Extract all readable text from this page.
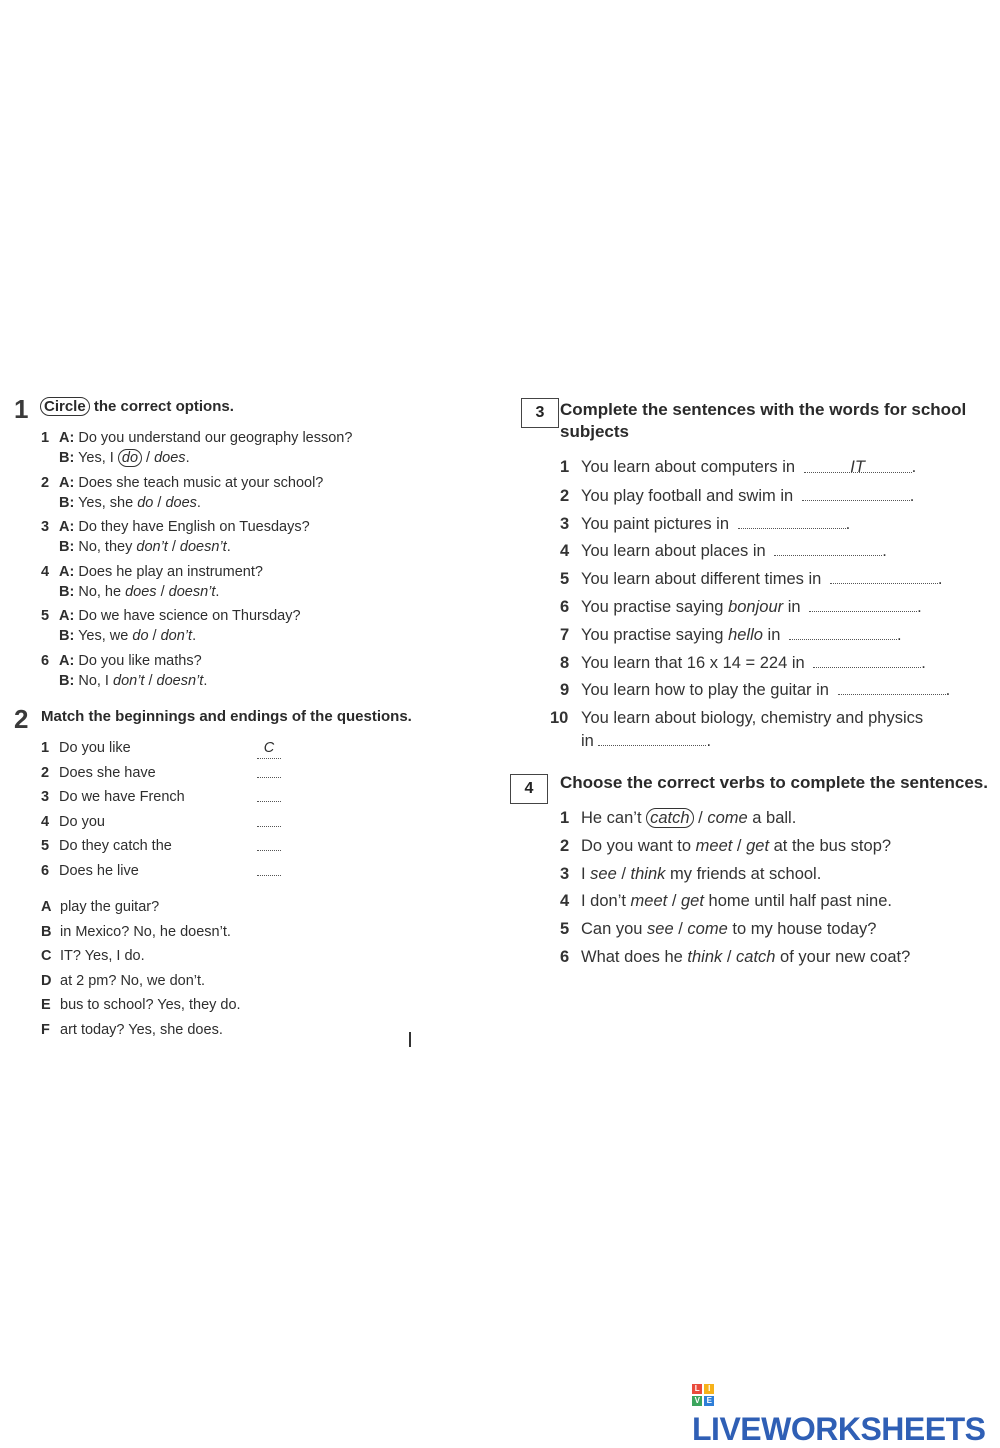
1 Circle the correct options.
1 A: Do you understand our geography lesson?
B: Yes, I do / does.
2 A: Does she teach music at your school?
B: Yes, she do / does.
3 A: Do they have English on Tuesdays?
B: No, they don’t / doesn’t.
4 A: Does he play an instrument?
B: No, he does / doesn’t.
5 A: Do we have science on Thursday?
B: Yes, we do / don’t.
6 A: Do you like maths?
B: No, I don’t / doesn’t.
2 Match the beginnings and endings of the questions.
1 Do you like	C
2 Does she have
3 Do we have French
4 Do you
5 Do they catch the
6 Does he live
A play the guitar?
B in Mexico? No, he doesn’t.
C IT? Yes, I do.
D at 2 pm? No, we don’t.
E bus to school? Yes, they do.
F art today? Yes, she does.
3 Complete the sentences with the words for school
subjects
1 You learn about computers in	IT	.
2 You play football and swim in	.
3 You paint pictures in	.
4 You learn about places in	.
5 You learn about different times in	.
6 You practise saying bonjour in	.
7 You practise saying hello in	.
8 You learn that 16 x 14 = 224 in	.
9 You learn how to play the guitar in	.
10 You learn about biology, chemistry and physics
in	.
4	Choose the correct verbs to complete the sentences.
1 He can’t catch / come a ball.
2 Do you want to meet / get at the bus stop?
3 I see / think my friends at school.
4 I don’t meet / get home until half past nine.
5 Can you see / come to my house today?
6 What does he think / catch of your new coat?
L	I
V E
LIVEWORKSHEETS
